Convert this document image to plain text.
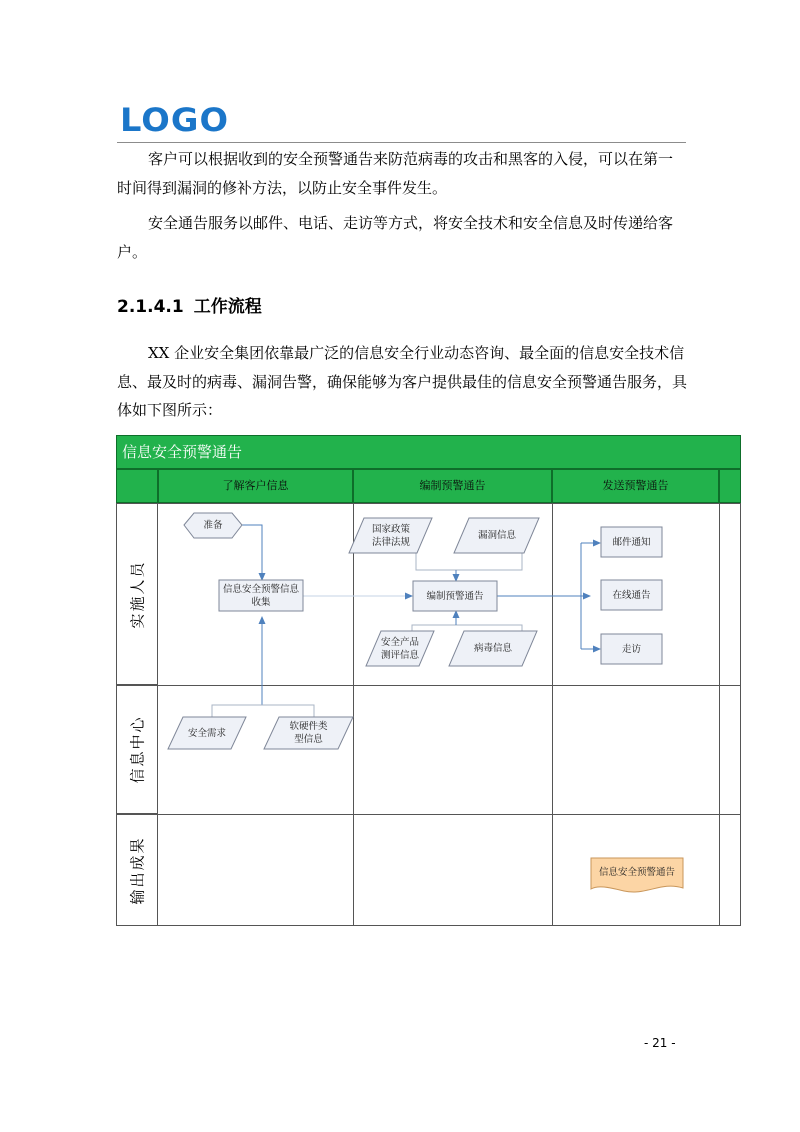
LOGO

客户可以根据收到的安全预警通告来防范病毒的攻击和黑客的入侵，可以在第一时间得到漏洞的修补方法，以防止安全事件发生。

安全通告服务以邮件、电话、走访等方式，将安全技术和安全信息及时传递给客户。

2.1.4.1 工作流程

XX 企业安全集团依靠最广泛的信息安全行业动态咨询、最全面的信息安全技术信息、最及时的病毒、漏洞告警，确保能够为客户提供最佳的信息安全预警通告服务，具体如下图所示：

信息安全预警通告
了解客户信息	编制预警通告	发送预警通告
实施人员
信息中心
输出成果
准备
信息安全预警信息
收集
国家政策
法律法规
漏洞信息
编制预警通告
安全产品
测评信息
病毒信息
邮件通知
在线通告
走访
安全需求
软硬件类
型信息
信息安全预警通告
- 21 -
